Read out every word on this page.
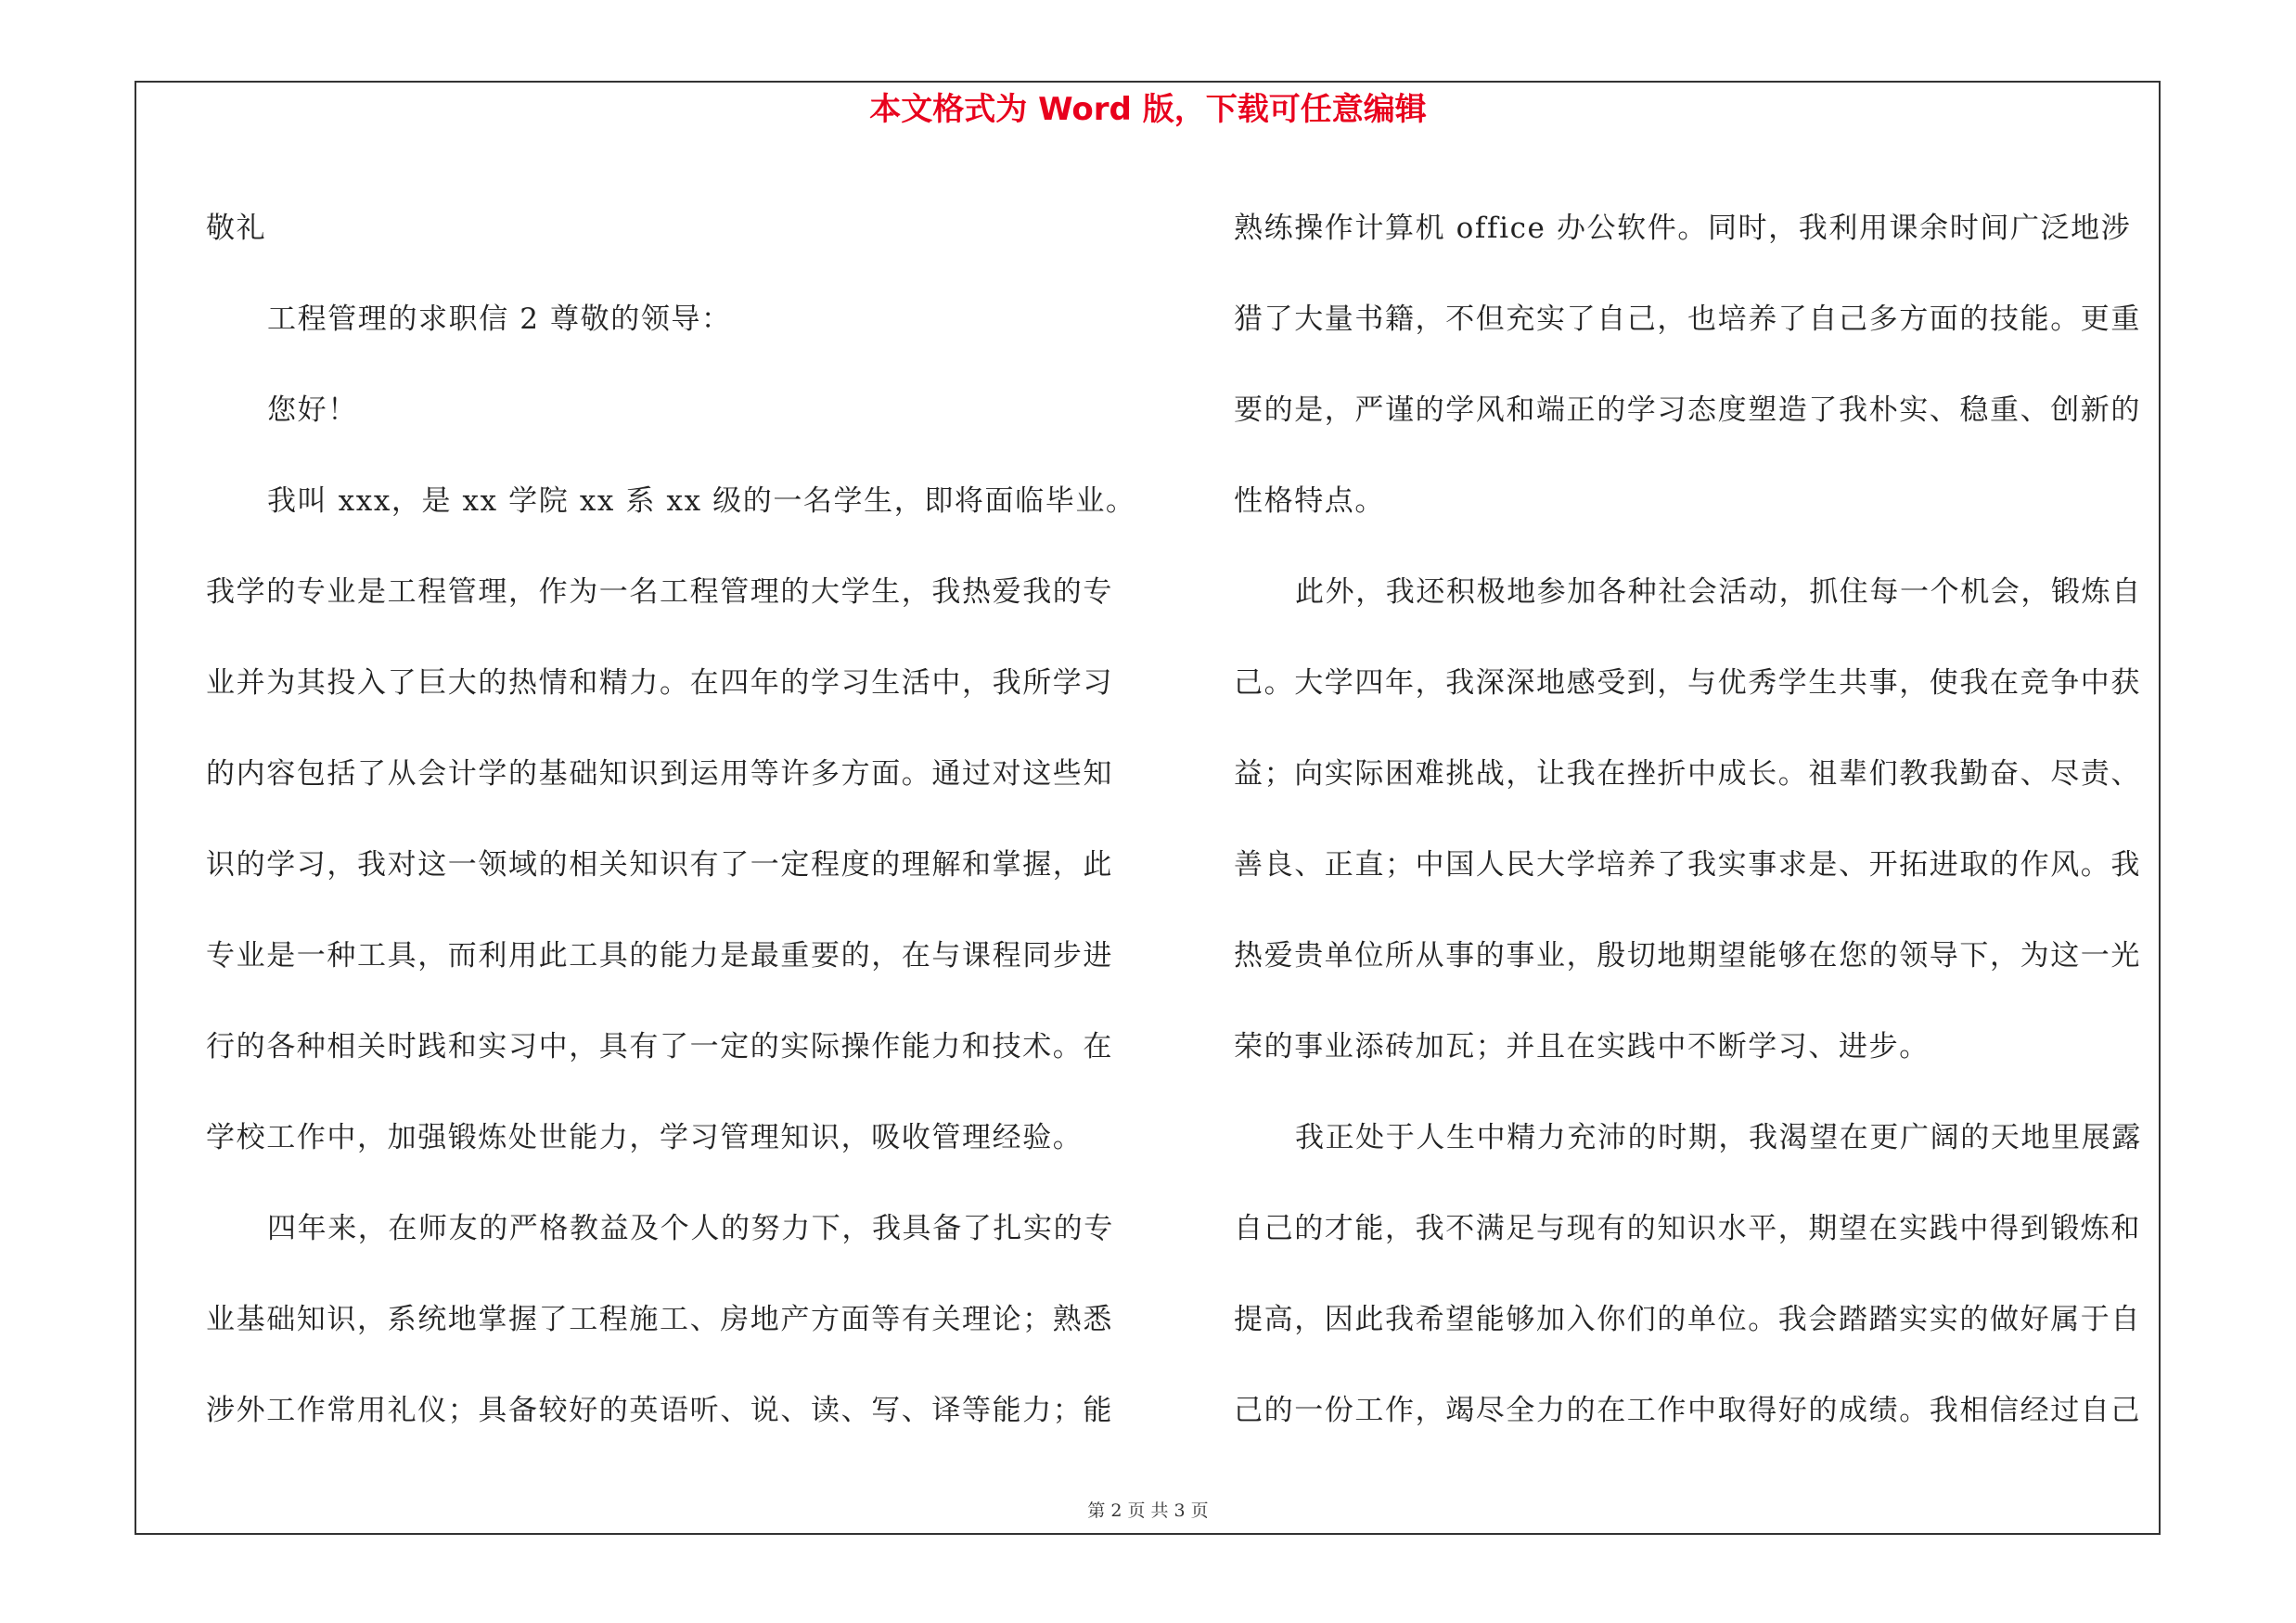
本文格式为 Word 版，下载可任意编辑
敬礼
工程管理的求职信 2 尊敬的领导：
您好！
我叫 xxx，是 xx 学院 xx 系 xx 级的一名学生，即将面临毕业。
我学的专业是工程管理，作为一名工程管理的大学生，我热爱我的专
业并为其投入了巨大的热情和精力。在四年的学习生活中，我所学习
的内容包括了从会计学的基础知识到运用等许多方面。通过对这些知
识的学习，我对这一领域的相关知识有了一定程度的理解和掌握，此
专业是一种工具，而利用此工具的能力是最重要的，在与课程同步进
行的各种相关时践和实习中，具有了一定的实际操作能力和技术。在
学校工作中，加强锻炼处世能力，学习管理知识，吸收管理经验。
四年来，在师友的严格教益及个人的努力下，我具备了扎实的专
业基础知识，系统地掌握了工程施工、房地产方面等有关理论；熟悉
涉外工作常用礼仪；具备较好的英语听、说、读、写、译等能力；能
熟练操作计算机 office 办公软件。同时，我利用课余时间广泛地涉
猎了大量书籍，不但充实了自己，也培养了自己多方面的技能。更重
要的是，严谨的学风和端正的学习态度塑造了我朴实、稳重、创新的
性格特点。
此外，我还积极地参加各种社会活动，抓住每一个机会，锻炼自
己。大学四年，我深深地感受到，与优秀学生共事，使我在竞争中获
益；向实际困难挑战，让我在挫折中成长。祖辈们教我勤奋、尽责、
善良、正直；中国人民大学培养了我实事求是、开拓进取的作风。我
热爱贵单位所从事的事业，殷切地期望能够在您的领导下，为这一光
荣的事业添砖加瓦；并且在实践中不断学习、进步。
我正处于人生中精力充沛的时期，我渴望在更广阔的天地里展露
自己的才能，我不满足与现有的知识水平，期望在实践中得到锻炼和
提高，因此我希望能够加入你们的单位。我会踏踏实实的做好属于自
己的一份工作，竭尽全力的在工作中取得好的成绩。我相信经过自己
第 2 页 共 3 页
